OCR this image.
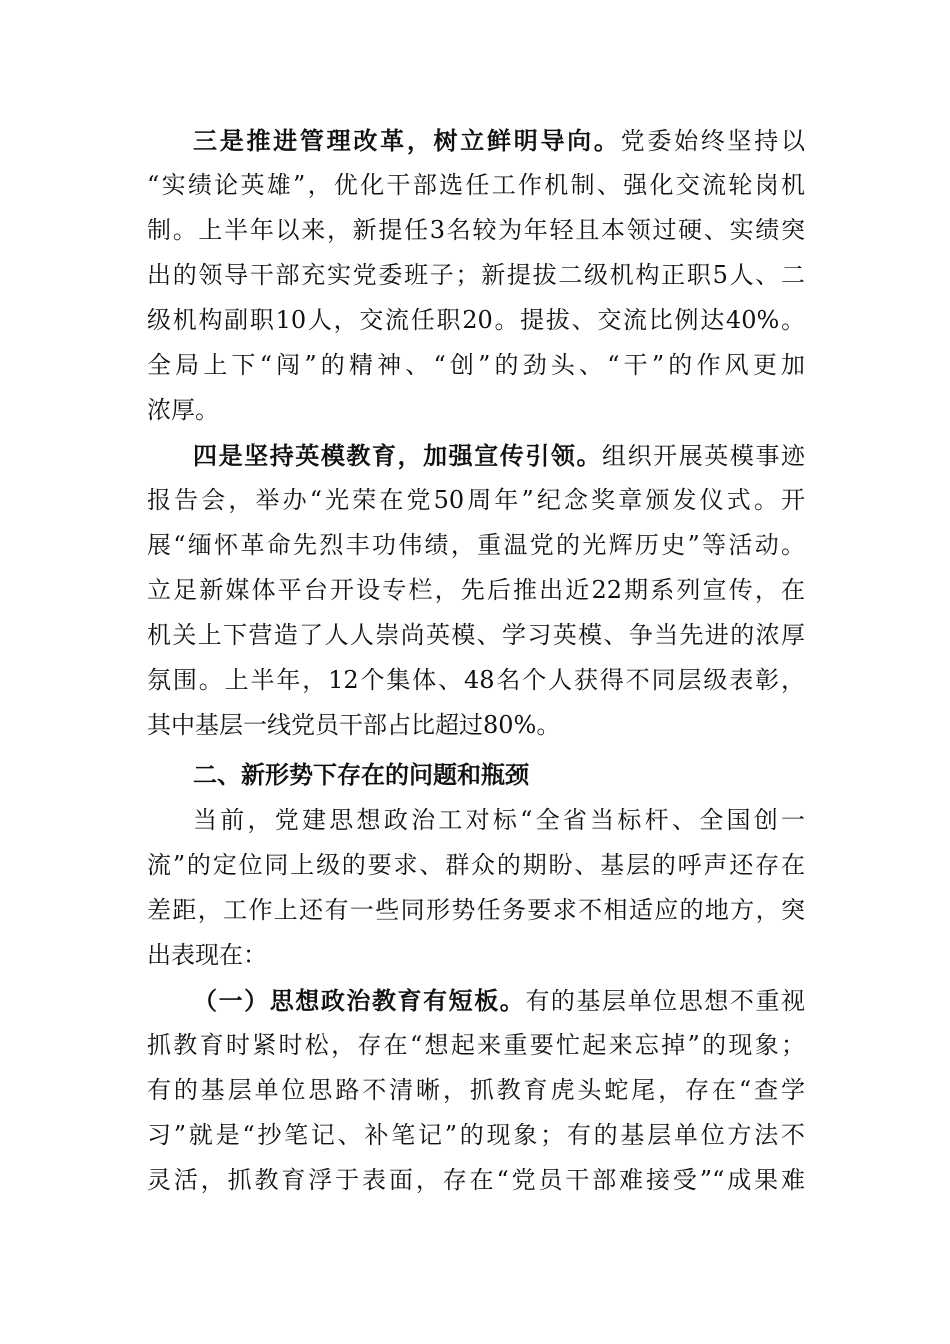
三是推进管理改革，树立鲜明导向。党委始终坚持以
“实绩论英雄”，优化干部选任工作机制、强化交流轮岗机
制。上半年以来，新提任3名较为年轻且本领过硬、实绩突
出的领导干部充实党委班子；新提拔二级机构正职5人、二
级机构副职10人，交流任职20。提拔、交流比例达40%。
全局上下“闯”的精神、“创”的劲头、“干”的作风更加
浓厚。
四是坚持英模教育，加强宣传引领。组织开展英模事迹
报告会，举办“光荣在党50周年”纪念奖章颁发仪式。开
展“缅怀革命先烈丰功伟绩，重温党的光辉历史”等活动。
立足新媒体平台开设专栏，先后推出近22期系列宣传，在
机关上下营造了人人崇尚英模、学习英模、争当先进的浓厚
氛围。上半年，12个集体、48名个人获得不同层级表彰，
其中基层一线党员干部占比超过80%。
二、新形势下存在的问题和瓶颈
当前，党建思想政治工对标“全省当标杆、全国创一
流”的定位同上级的要求、群众的期盼、基层的呼声还存在
差距，工作上还有一些同形势任务要求不相适应的地方，突
出表现在：
（一）思想政治教育有短板。有的基层单位思想不重视
抓教育时紧时松，存在“想起来重要忙起来忘掉”的现象；
有的基层单位思路不清晰，抓教育虎头蛇尾，存在“查学
习”就是“抄笔记、补笔记”的现象；有的基层单位方法不
灵活，抓教育浮于表面，存在“党员干部难接受”“成果难
